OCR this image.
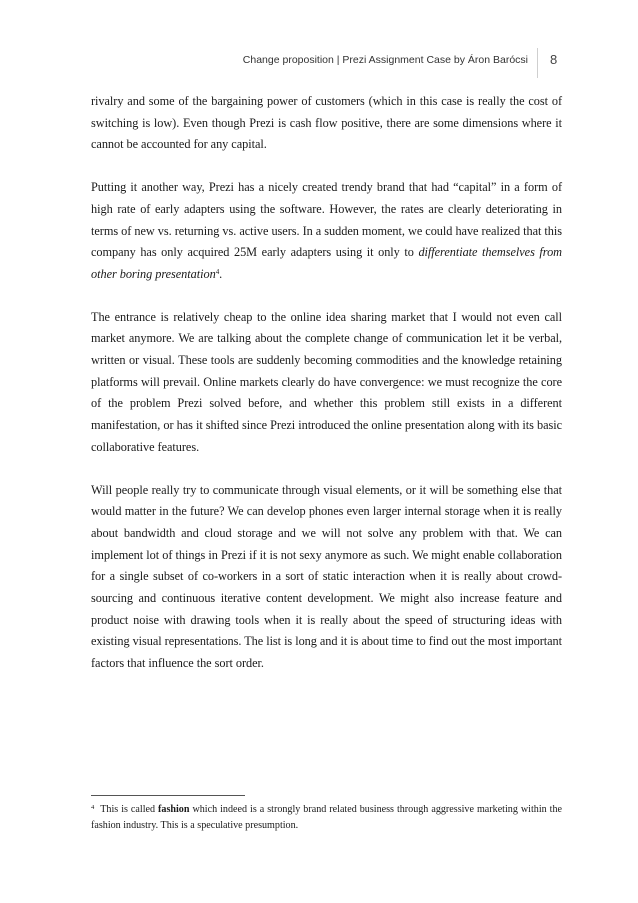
Change proposition | Prezi Assignment Case by Áron Barócsi 8

rivalry and some of the bargaining power of customers (which in this case is really the cost of switching is low). Even though Prezi is cash flow positive, there are some dimensions where it cannot be accounted for any capital.

Putting it another way, Prezi has a nicely created trendy brand that had “capital” in a form of high rate of early adapters using the software. However, the rates are clearly deteriorating in terms of new vs. returning vs. active users. In a sudden moment, we could have realized that this company has only acquired 25M early adapters using it only to differentiate themselves from other boring presentation$^4$.

The entrance is relatively cheap to the online idea sharing market that I would not even call market anymore. We are talking about the complete change of communication let it be verbal, written or visual. These tools are suddenly becoming commodities and the knowledge retaining platforms will prevail. Online markets clearly do have convergence: we must recognize the core of the problem Prezi solved before, and whether this problem still exists in a different manifestation, or has it shifted since Prezi introduced the online presentation along with its basic collaborative features.

Will people really try to communicate through visual elements, or it will be something else that would matter in the future? We can develop phones even larger internal storage when it is really about bandwidth and cloud storage and we will not solve any problem with that. We can implement lot of things in Prezi if it is not sexy anymore as such. We might enable collaboration for a single subset of co-workers in a sort of static interaction when it is really about crowd-sourcing and continuous iterative content development. We might also increase feature and product noise with drawing tools when it is really about the speed of structuring ideas with existing visual representations. The list is long and it is about time to find out the most important factors that influence the sort order.

$^4$ This is called fashion which indeed is a strongly brand related business through aggressive marketing within the fashion industry. This is a speculative presumption.
